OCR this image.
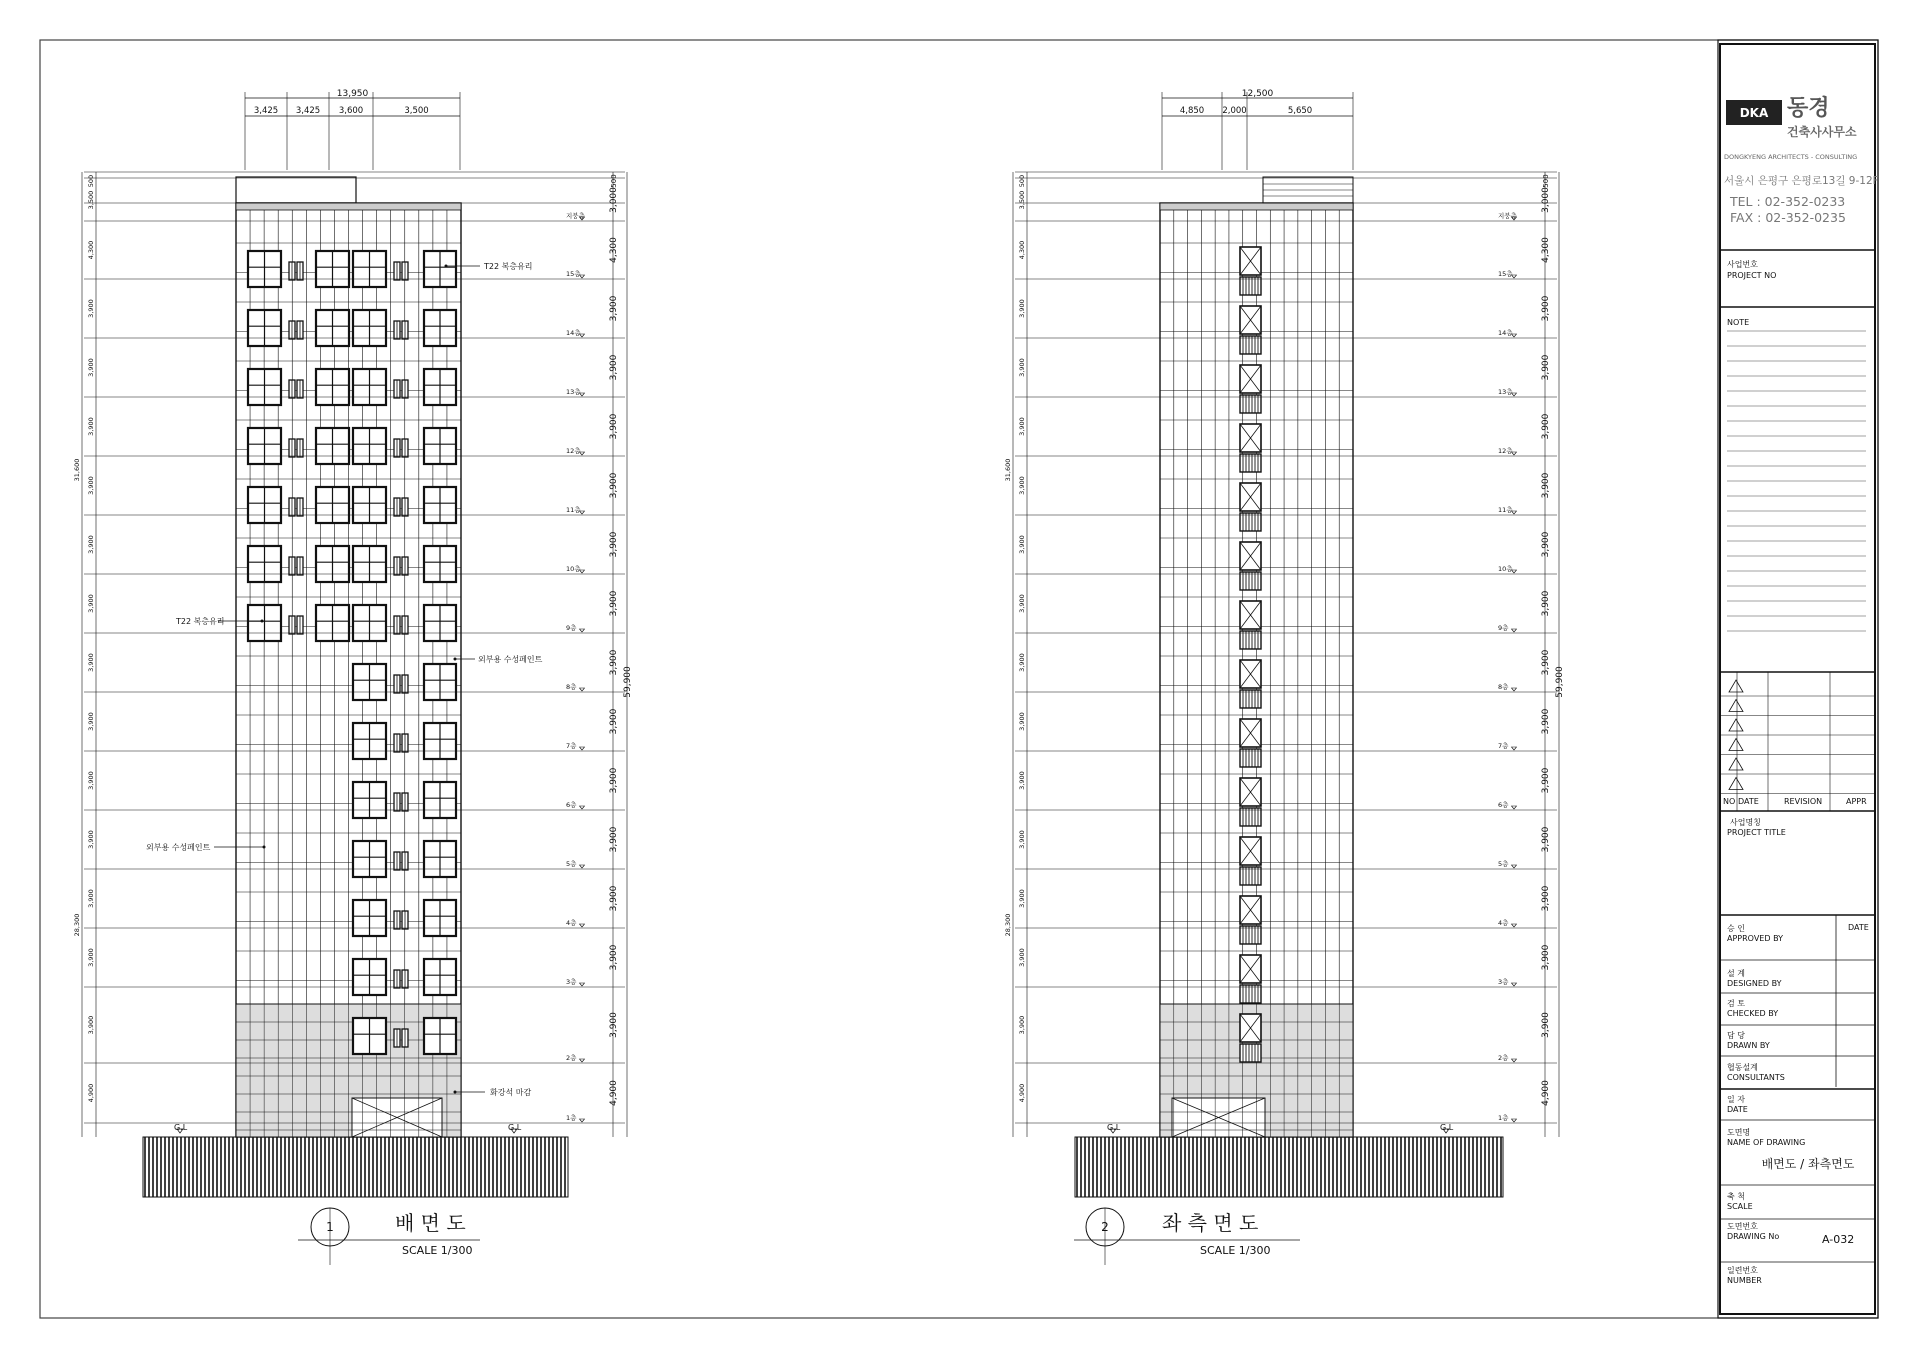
13,950
3,425 3,425 3,600	3,500
3,500	3,000
지붕층
4,300	4,300
15층
3,900	3,900
14층
3,900	3,900
13층
3,900	3,900
12층
3,900	3,900
11층
3,900	3,900
10층
3,900	3,900
9층
3,900	3,900
8층
3,900	3,900
7층
3,900	3,900
6층
3,900	3,900
5층
3,900	3,900
4층
3,900	3,900
3층
3,900	3,900
2층
4,900	4,900
1층
500	500
31,600
28,300
59,900
T22 복층유리
T22 복층유리
외부용 수성페인트
외부용 수성페인트
화강석 마감
G.L	G.L
1	배 면 도
SCALE 1/300
12,500
4,850 2,000	5,650
3,500	3,000
지붕층
4,300	4,300
15층
3,900	3,900
14층
3,900	3,900
13층
3,900	3,900
12층
3,900	3,900
11층
3,900	3,900
10층
3,900	3,900
9층
3,900	3,900
8층
3,900	3,900
7층
3,900	3,900
6층
3,900	3,900
5층
3,900	3,900
4층
3,900	3,900
3층
3,900	3,900
2층
4,900	4,900
1층
500	500
31,600
28,300
59,900
G.L	G.L
2	좌 측 면 도
SCALE 1/300
DKA 동경
건축사사무소
DONGKYENG ARCHITECTS - CONSULTING
서울시 은평구 은평로13길 9-12F
TEL : 02-352-0233
FAX : 02-352-0235
사업번호
PROJECT NO
NOTE
NO DATE	REVISION	APPR
사업명칭
PROJECT TITLE
승 인
APPROVED BY
DATE
설 계
DESIGNED BY
검 토
CHECKED BY
담 당
DRAWN BY
협동설계
CONSULTANTS
일 자
DATE
도면명
NAME OF DRAWING
배면도 / 좌측면도
축 척
SCALE
도면번호
DRAWING No	A-032
일련번호
NUMBER
